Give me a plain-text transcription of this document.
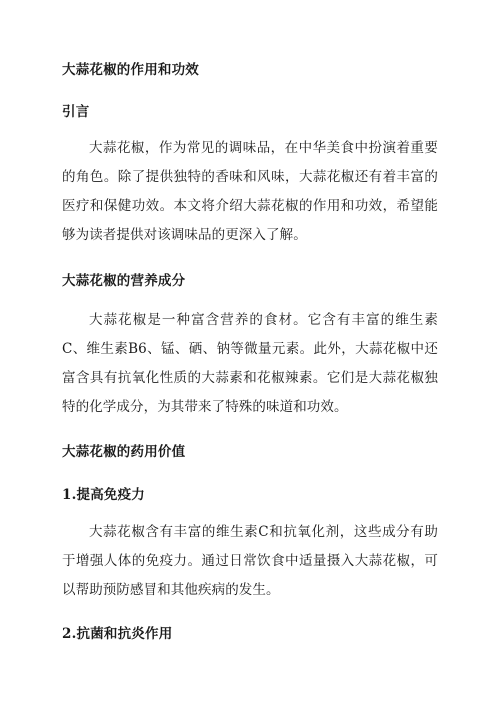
大蒜花椒的作用和功效
引言

大蒜花椒，作为常见的调味品，在中华美食中扮演着重要的角色。除了提供独特的香味和风味，大蒜花椒还有着丰富的医疗和保健功效。本文将介绍大蒜花椒的作用和功效，希望能够为读者提供对该调味品的更深入了解。

大蒜花椒的营养成分

大蒜花椒是一种富含营养的食材。它含有丰富的维生素C、维生素B6、锰、硒、钠等微量元素。此外，大蒜花椒中还富含具有抗氧化性质的大蒜素和花椒辣素。它们是大蒜花椒独特的化学成分，为其带来了特殊的味道和功效。

大蒜花椒的药用价值
1.提高免疫力

大蒜花椒含有丰富的维生素C和抗氧化剂，这些成分有助于增强人体的免疫力。通过日常饮食中适量摄入大蒜花椒，可以帮助预防感冒和其他疾病的发生。

2.抗菌和抗炎作用
